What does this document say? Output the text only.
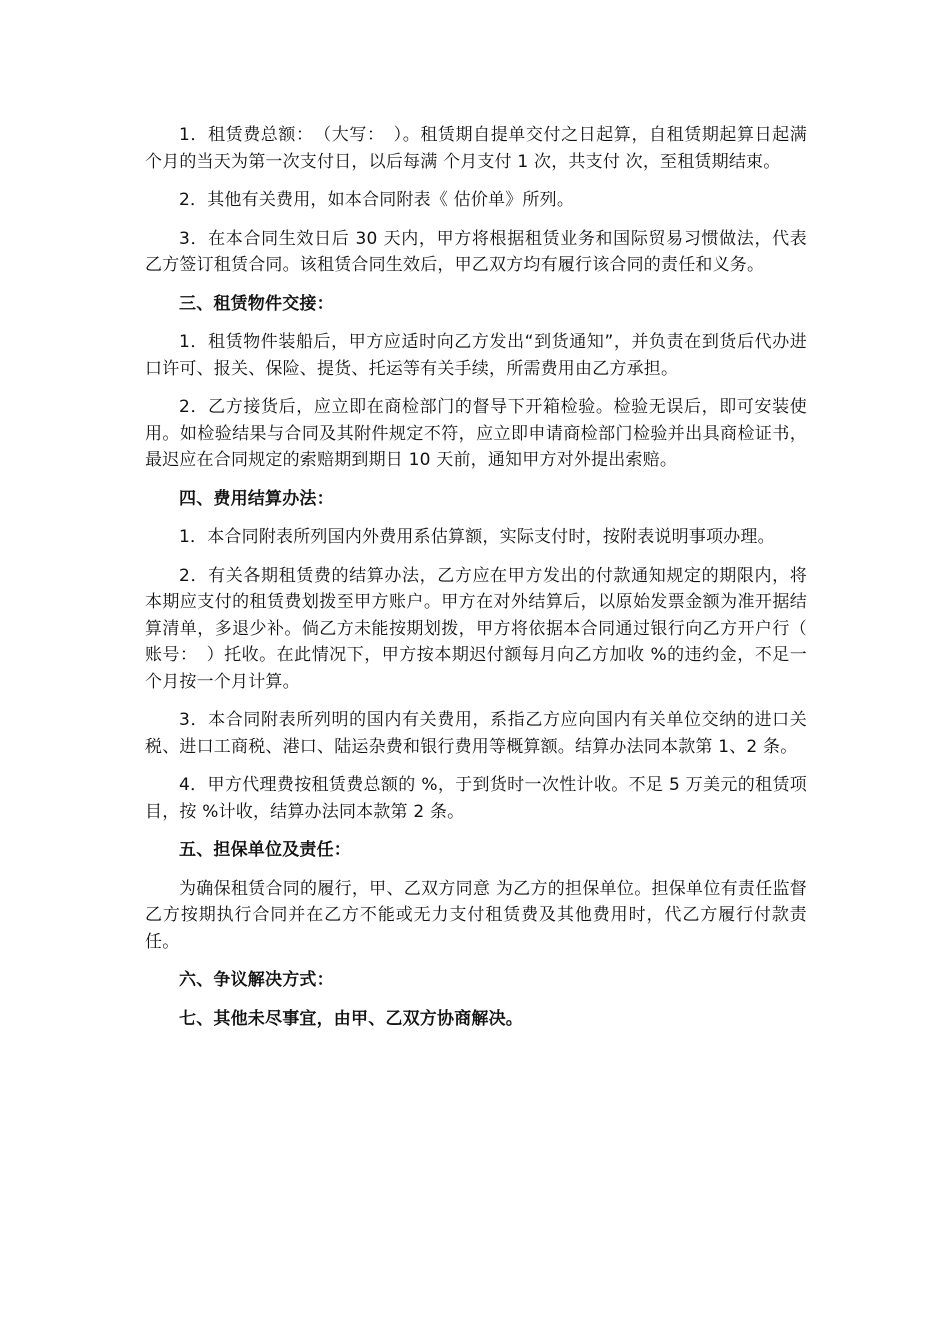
1．租赁费总额：　（大写：　）。租赁期自提单交付之日起算，自租赁期起算日起满 个月的当天为第一次支付日，以后每满 个月支付 1 次，共支付 次，至租赁期结束。

2．其他有关费用，如本合同附表《 估价单》所列。

3．在本合同生效日后 30 天内，甲方将根据租赁业务和国际贸易习惯做法，代表乙方签订租赁合同。该租赁合同生效后，甲乙双方均有履行该合同的责任和义务。

三、租赁物件交接：

1．租赁物件装船后，甲方应适时向乙方发出“到货通知”，并负责在到货后代办进口许可、报关、保险、提货、托运等有关手续，所需费用由乙方承担。

2．乙方接货后，应立即在商检部门的督导下开箱检验。检验无误后，即可安装使用。如检验结果与合同及其附件规定不符，应立即申请商检部门检验并出具商检证书，最迟应在合同规定的索赔期到期日 10 天前，通知甲方对外提出索赔。

四、费用结算办法：

1．本合同附表所列国内外费用系估算额，实际支付时，按附表说明事项办理。

2．有关各期租赁费的结算办法，乙方应在甲方发出的付款通知规定的期限内，将本期应支付的租赁费划拨至甲方账户。甲方在对外结算后，以原始发票金额为准开据结算清单，多退少补。倘乙方未能按期划拨，甲方将依据本合同通过银行向乙方开户行（ 账号：　）托收。在此情况下，甲方按本期迟付额每月向乙方加收 %的违约金，不足一个月按一个月计算。

3．本合同附表所列明的国内有关费用，系指乙方应向国内有关单位交纳的进口关税、进口工商税、港口、陆运杂费和银行费用等概算额。结算办法同本款第 1、2 条。

4．甲方代理费按租赁费总额的 %，于到货时一次性计收。不足 5 万美元的租赁项目，按 %计收，结算办法同本款第 2 条。

五、担保单位及责任：

为确保租赁合同的履行，甲、乙双方同意 为乙方的担保单位。担保单位有责任监督乙方按期执行合同并在乙方不能或无力支付租赁费及其他费用时，代乙方履行付款责任。

六、争议解决方式：

七、其他未尽事宜，由甲、乙双方协商解决。
